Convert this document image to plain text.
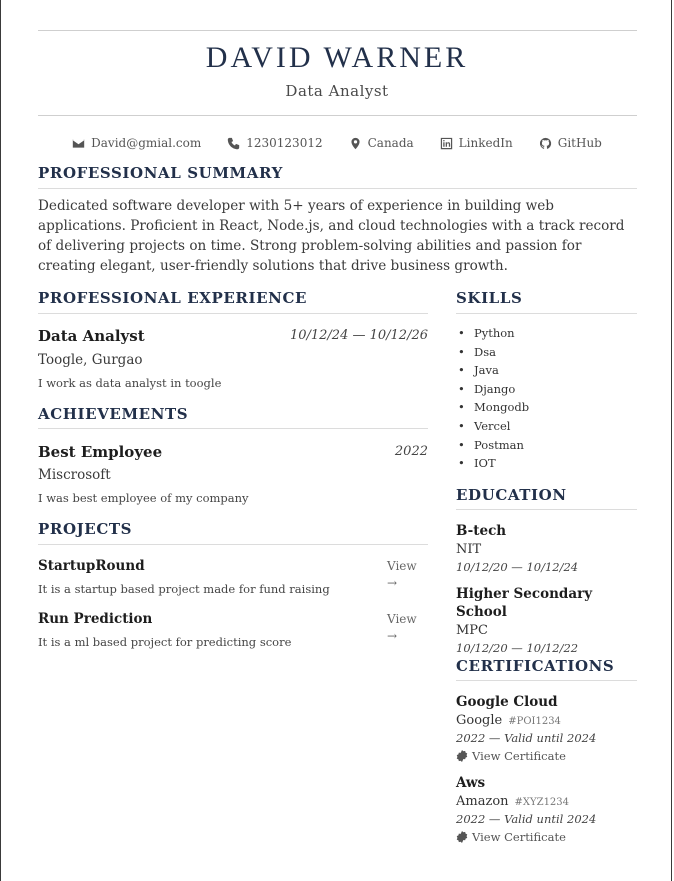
DAVID WARNER
Data Analyst
David@gmial.com	1230123012	Canada	LinkedIn	GitHub
PROFESSIONAL SUMMARY
Dedicated software developer with 5+ years of experience in building web applications. Proficient in React, Node.js, and cloud technologies with a track record of delivering projects on time. Strong problem-solving abilities and passion for creating elegant, user-friendly solutions that drive business growth.
PROFESSIONAL EXPERIENCE
Data Analyst	10/12/24 — 10/12/26
Toogle, Gurgao
I work as data analyst in toogle
ACHIEVEMENTS
Best Employee	2022
Miscrosoft
I was best employee of my company
PROJECTS
StartupRound
It is a startup based project made for fund raising
View →
Run Prediction
It is a ml based project for predicting score
View →
SKILLS
• Python
• Dsa
• Java
• Django
• Mongodb
• Vercel
• Postman
• IOT
EDUCATION
B-tech
NIT
10/12/20 — 10/12/24
Higher Secondary School
MPC
10/12/20 — 10/12/22
CERTIFICATIONS
Google Cloud
Google #POI1234
2022 — Valid until 2024
View Certificate
Aws
Amazon #XYZ1234
2022 — Valid until 2024
View Certificate
